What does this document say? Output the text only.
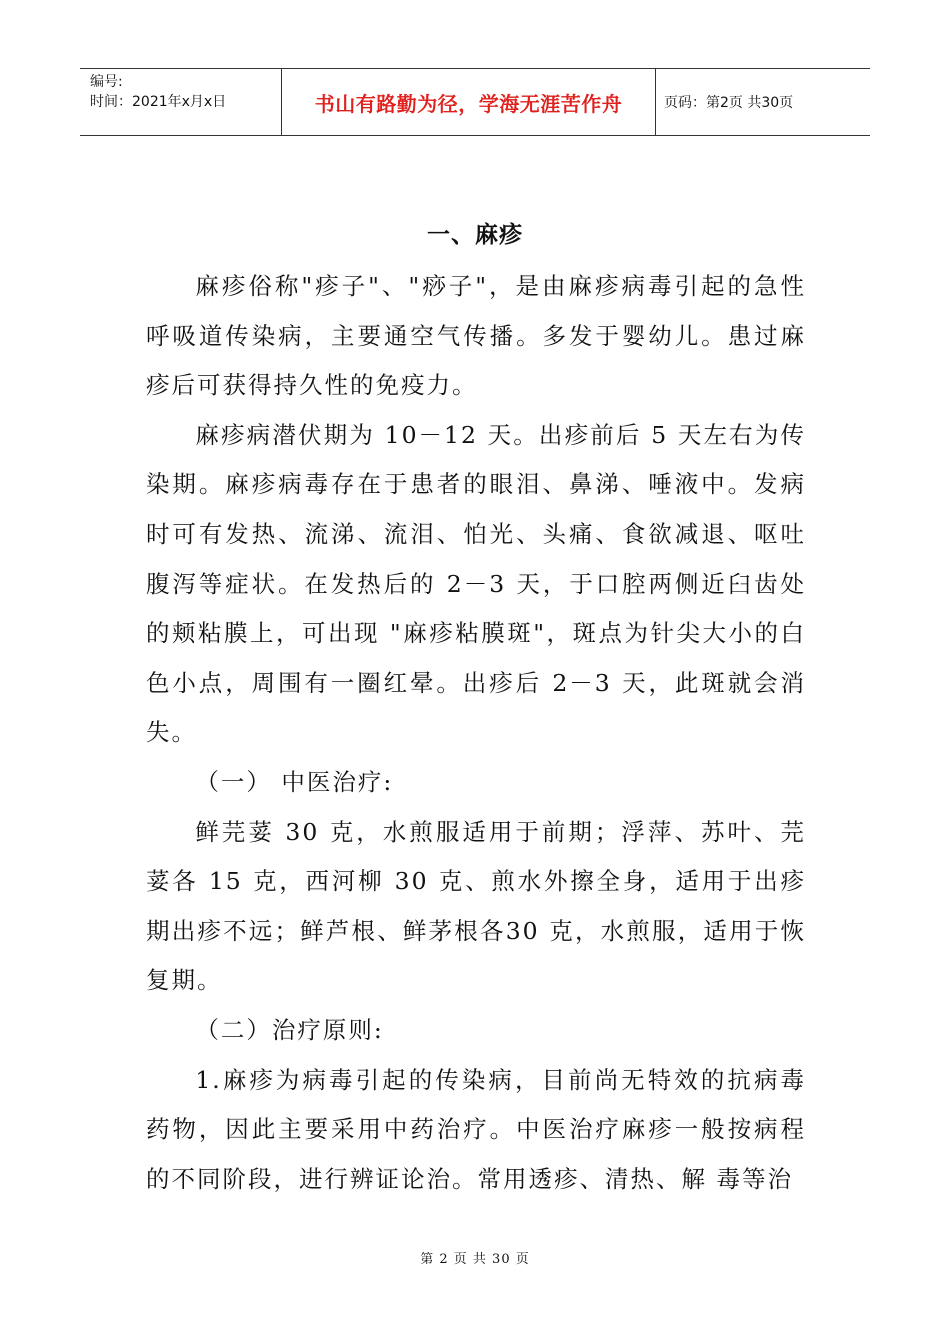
编号:
时间：2021年x月x日	书山有路勤为径，学海无涯苦作舟	页码：第2页 共30页
一、麻疹

麻疹俗称"疹子"、"痧子"，是由麻疹病毒引起的急性呼吸道传染病，主要通空气传播。多发于婴幼儿。患过麻疹后可获得持久性的免疫力。

麻疹病潜伏期为 10－12 天。出疹前后 5 天左右为传染期。麻疹病毒存在于患者的眼泪、鼻涕、唾液中。发病时可有发热、流涕、流泪、怕光、头痛、食欲减退、呕吐腹泻等症状。在发热后的 2－3 天，于口腔两侧近臼齿处的颊粘膜上，可出现 "麻疹粘膜斑"，斑点为针尖大小的白色小点，周围有一圈红晕。出疹后 2－3 天，此斑就会消失。

（一） 中医治疗:

鲜芫荽 30 克，水煎服适用于前期；浮萍、苏叶、芫荽各 15 克，西河柳 30 克、煎水外擦全身，适用于出疹期出疹不远；鲜芦根、鲜茅根各30 克，水煎服，适用于恢复期。

（二）治疗原则:

1.麻疹为病毒引起的传染病，目前尚无特效的抗病毒药物，因此主要采用中药治疗。中医治疗麻疹一般按病程的不同阶段，进行辨证论治。常用透疹、清热、解 毒等治

第 2 页 共 30 页
